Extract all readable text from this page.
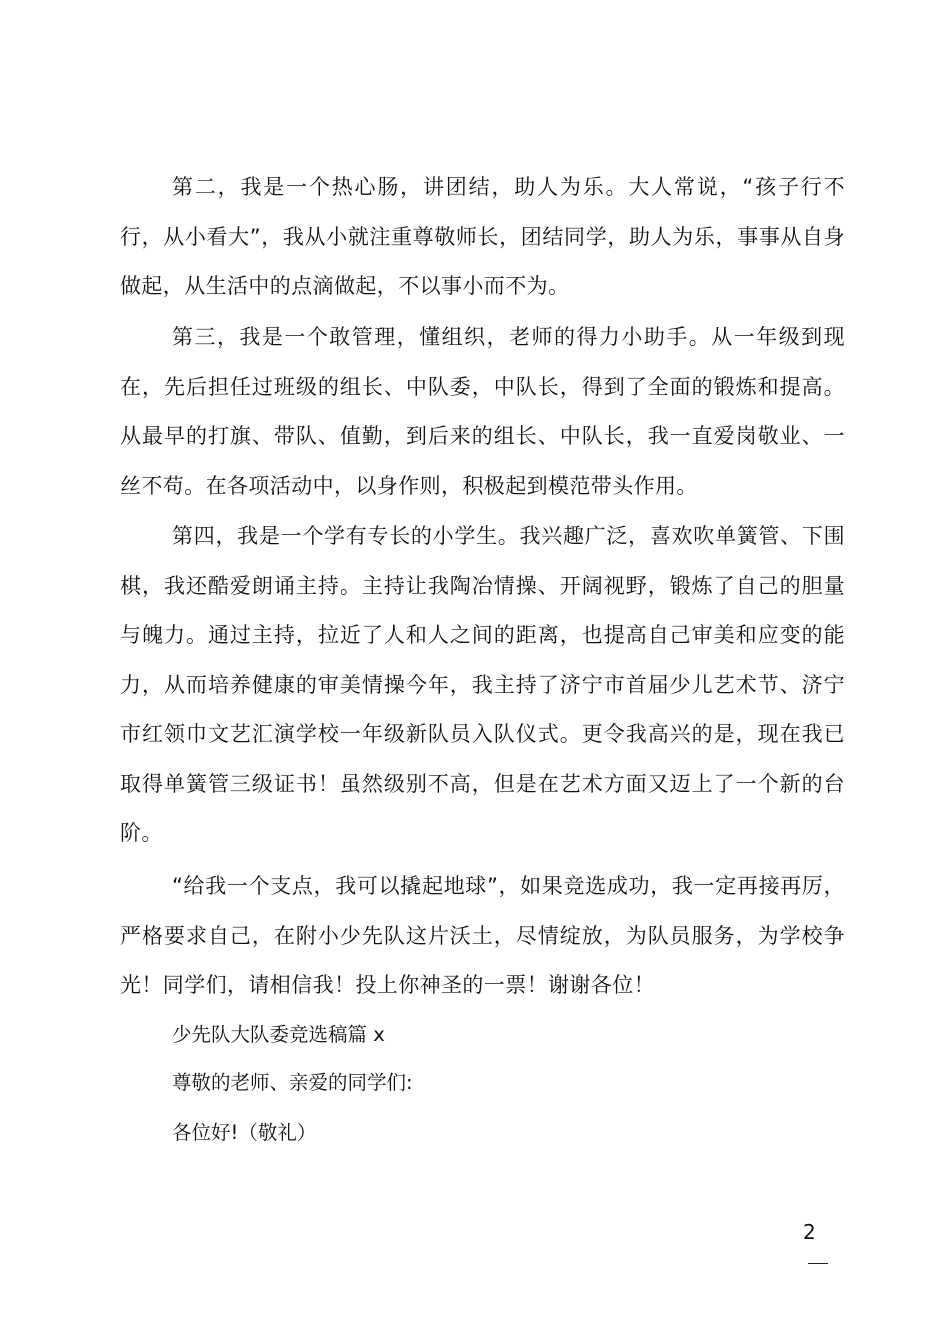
第二，我是一个热心肠，讲团结，助人为乐。大人常说，“孩子行不行，从小看大”，我从小就注重尊敬师长，团结同学，助人为乐，事事从自身做起，从生活中的点滴做起，不以事小而不为。

第三，我是一个敢管理，懂组织，老师的得力小助手。从一年级到现在，先后担任过班级的组长、中队委，中队长，得到了全面的锻炼和提高。从最早的打旗、带队、值勤，到后来的组长、中队长，我一直爱岗敬业、一丝不苟。在各项活动中，以身作则，积极起到模范带头作用。

第四，我是一个学有专长的小学生。我兴趣广泛，喜欢吹单簧管、下围棋，我还酷爱朗诵主持。主持让我陶冶情操、开阔视野，锻炼了自己的胆量与魄力。通过主持，拉近了人和人之间的距离，也提高自己审美和应变的能力，从而培养健康的审美情操今年，我主持了济宁市首届少儿艺术节、济宁市红领巾文艺汇演学校一年级新队员入队仪式。更令我高兴的是，现在我已取得单簧管三级证书！虽然级别不高，但是在艺术方面又迈上了一个新的台阶。

“给我一个支点，我可以撬起地球”，如果竞选成功，我一定再接再厉，严格要求自己，在附小少先队这片沃土，尽情绽放，为队员服务，为学校争光！同学们，请相信我！投上你神圣的一票！谢谢各位！

少先队大队委竞选稿篇 x

尊敬的老师、亲爱的同学们:

各位好!（敬礼）

2
